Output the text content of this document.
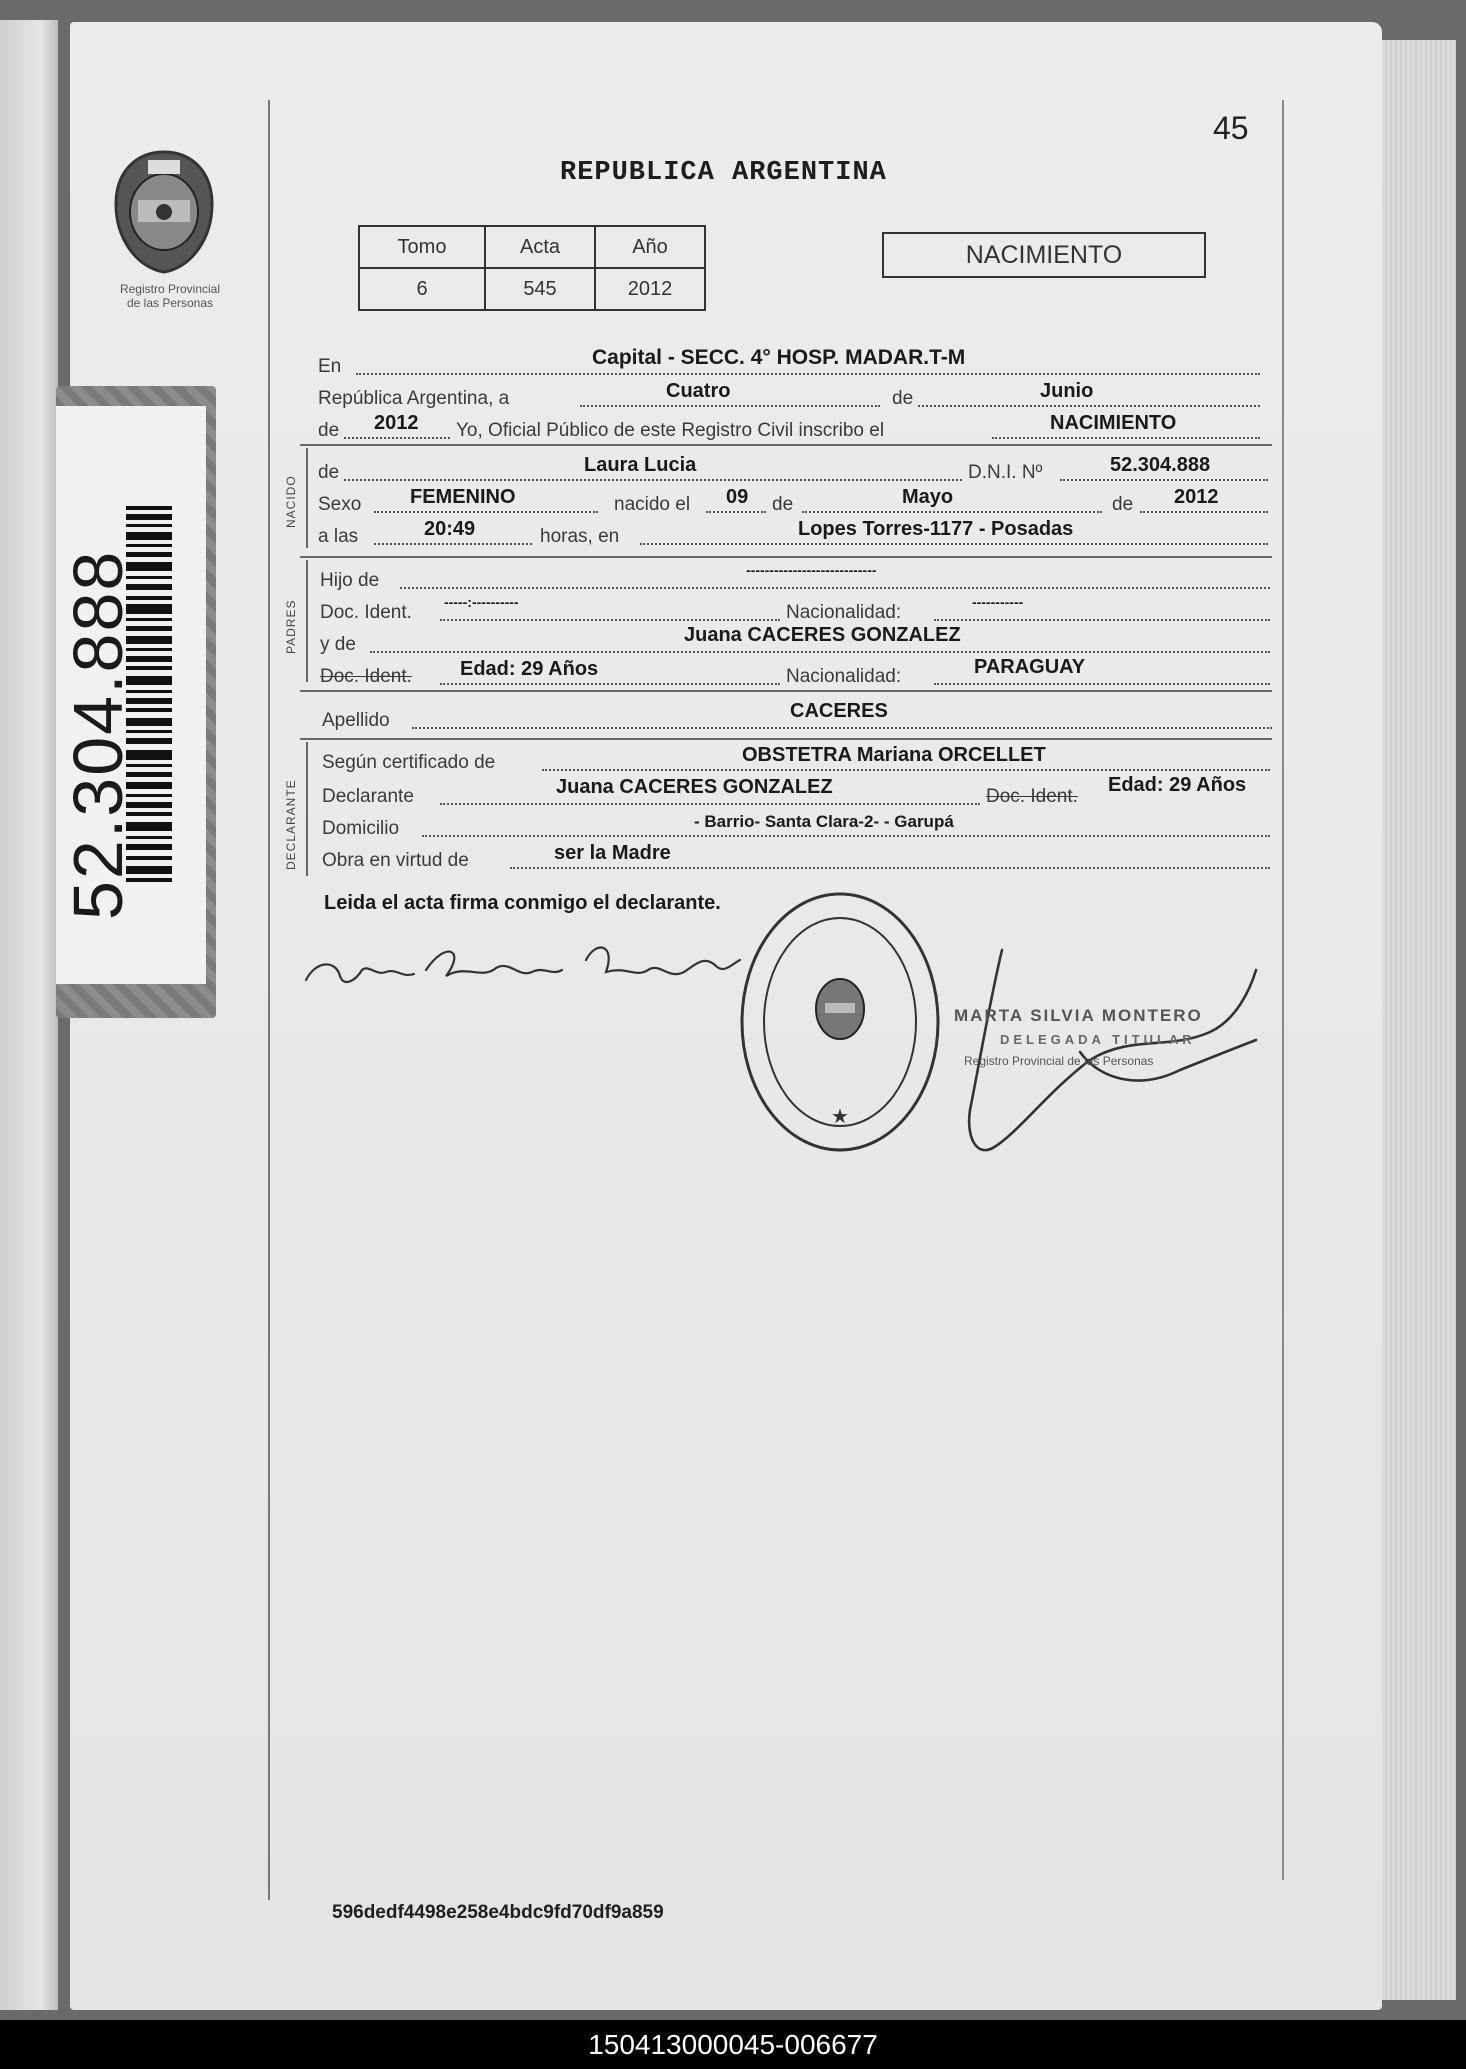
Registro Provincial
de las Personas
52.304.888
45
REPUBLICA ARGENTINA
Tomo	Acta	Año
6	545	2012
NACIMIENTO
En	Capital - SECC. 4° HOSP. MADAR.T-M
República Argentina, a	Cuatro	de	Junio
de 2012 Yo, Oficial Público de este Registro Civil inscribo el	NACIMIENTO
NACIDO
de	Laura Lucia	D.N.I. Nº	52.304.888
Sexo FEMENINO	nacido el 09 de	Mayo	de 2012
a las	20:49	horas, en	Lopes Torres-1177 - Posadas
PADRES
Hijo de	----------------------------
Doc. Ident. -----:----------	Nacionalidad:	-----------
y de	Juana CACERES GONZALEZ
Doc. Ident. Edad: 29 Años	Nacionalidad:	PARAGUAY
Apellido	CACERES
DECLARANTE
Según certificado de	OBSTETRA Mariana ORCELLET
Declarante	Juana CACERES GONZALEZ	Doc. Ident.
Edad: 29 Años
Domicilio	- Barrio- Santa Clara-2- - Garupá
Obra en virtud de	ser la Madre
Leida el acta firma conmigo el declarante.
★
MARTA SILVIA MONTERO
DELEGADA TITULAR
Registro Provincial de las Personas
596dedf4498e258e4bdc9fd70df9a859
150413000045-006677
